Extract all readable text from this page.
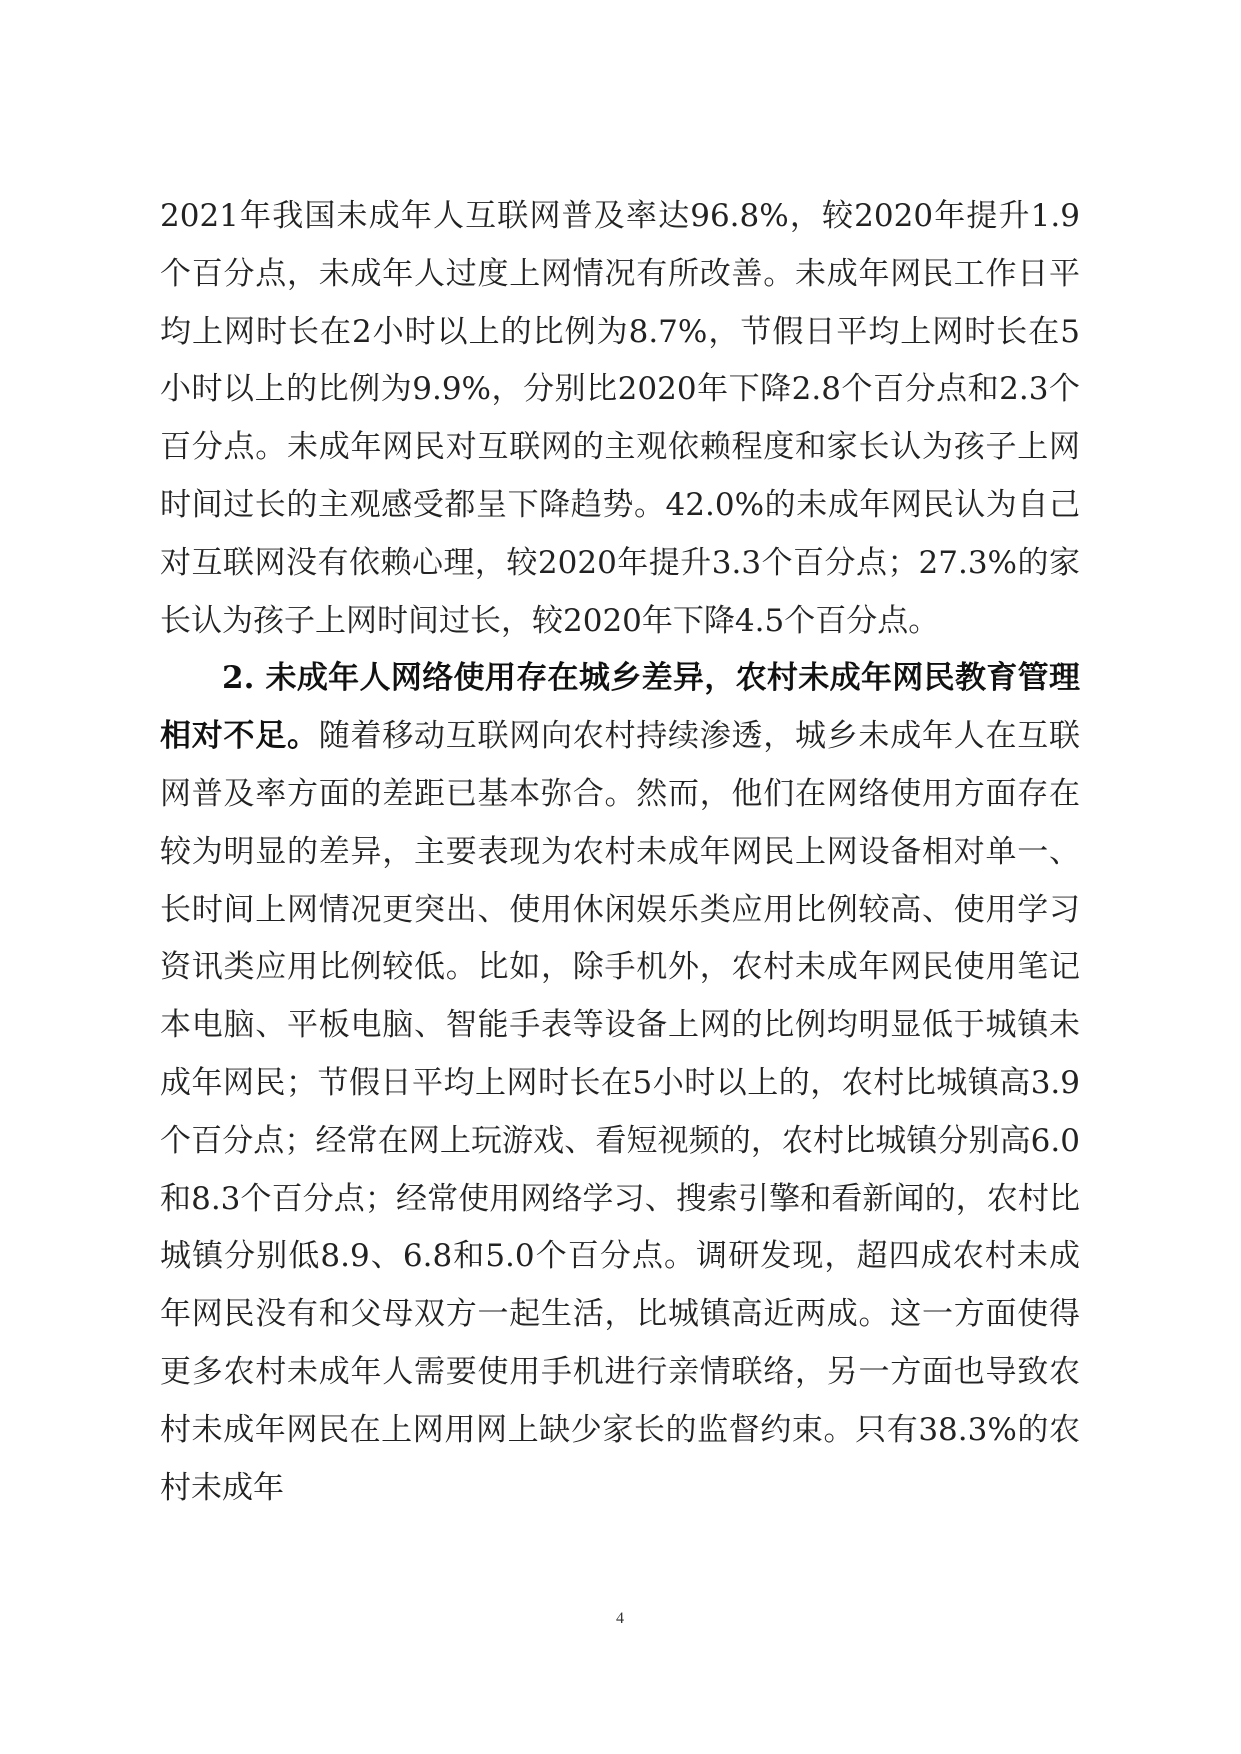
2021年我国未成年人互联网普及率达96.8%，较2020年提升1.9个百分点，未成年人过度上网情况有所改善。未成年网民工作日平均上网时长在2小时以上的比例为8.7%，节假日平均上网时长在5小时以上的比例为9.9%，分别比2020年下降2.8个百分点和2.3个百分点。未成年网民对互联网的主观依赖程度和家长认为孩子上网时间过长的主观感受都呈下降趋势。42.0%的未成年网民认为自己对互联网没有依赖心理，较2020年提升3.3个百分点；27.3%的家长认为孩子上网时间过长，较2020年下降4.5个百分点。

2. 未成年人网络使用存在城乡差异，农村未成年网民教育管理相对不足。随着移动互联网向农村持续渗透，城乡未成年人在互联网普及率方面的差距已基本弥合。然而，他们在网络使用方面存在较为明显的差异，主要表现为农村未成年网民上网设备相对单一、长时间上网情况更突出、使用休闲娱乐类应用比例较高、使用学习资讯类应用比例较低。比如，除手机外，农村未成年网民使用笔记本电脑、平板电脑、智能手表等设备上网的比例均明显低于城镇未成年网民；节假日平均上网时长在5小时以上的，农村比城镇高3.9个百分点；经常在网上玩游戏、看短视频的，农村比城镇分别高6.0和8.3个百分点；经常使用网络学习、搜索引擎和看新闻的，农村比城镇分别低8.9、6.8和5.0个百分点。调研发现，超四成农村未成年网民没有和父母双方一起生活，比城镇高近两成。这一方面使得更多农村未成年人需要使用手机进行亲情联络，另一方面也导致农村未成年网民在上网用网上缺少家长的监督约束。只有38.3%的农村未成年

4
